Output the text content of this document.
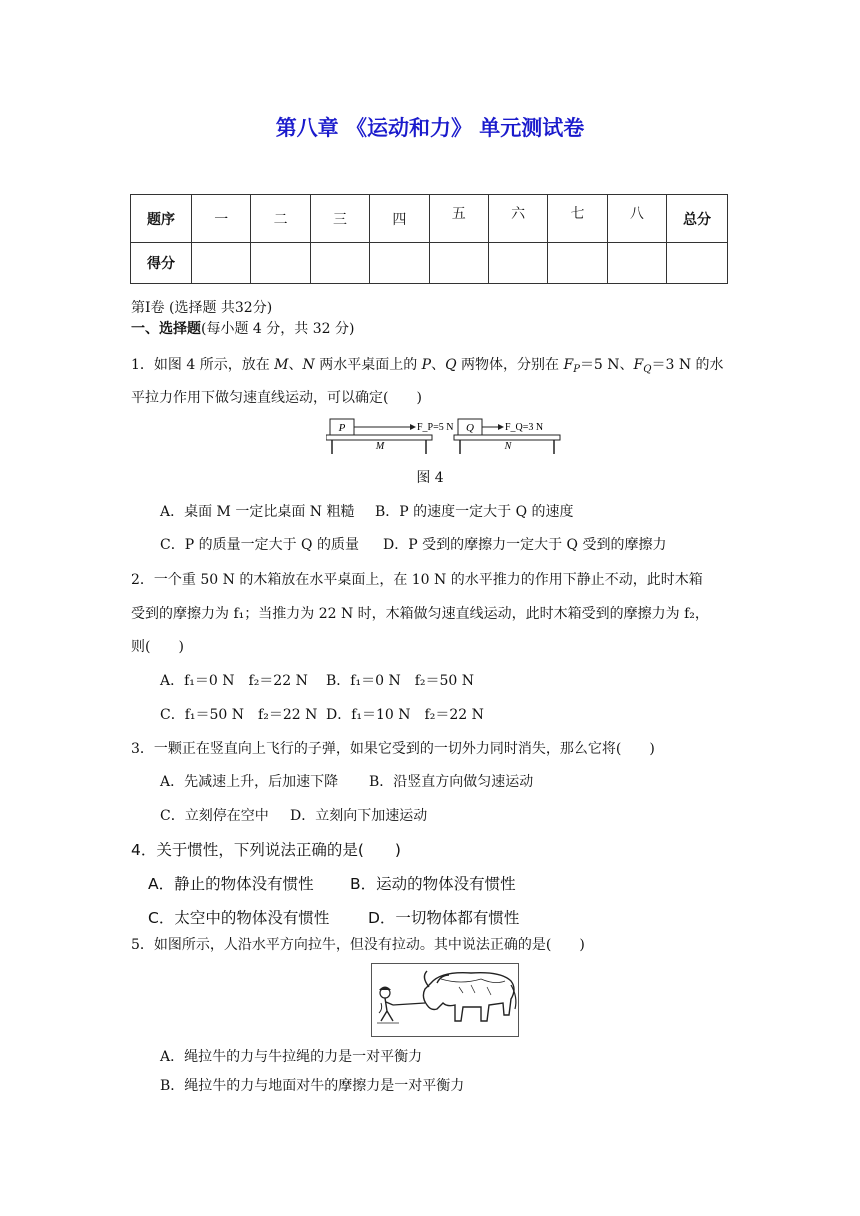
第八章 《运动和力》 单元测试卷
题序	一	二	三	四	五	六	七	八	总分
得分									
第Ⅰ卷 (选择题 共32分)
一、选择题(每小题 4 分，共 32 分)
1．如图 4 所示，放在 M、N 两水平桌面上的 P、Q 两物体，分别在 $F_P=5$ N、$F_Q=3$ N 的水
平拉力作用下做匀速直线运动，可以确定(　　)
P	F_P=5 N
M
Q	F_Q=3 N
N
图 4
A．桌面 M 一定比桌面 N 粗糙 B．P 的速度一定大于 Q 的速度
C．P 的质量一定大于 Q 的质量 D．P 受到的摩擦力一定大于 Q 受到的摩擦力
2．一个重 50 N 的木箱放在水平桌面上，在 10 N 的水平推力的作用下静止不动，此时木箱
受到的摩擦力为 f₁；当推力为 22 N 时，木箱做匀速直线运动，此时木箱受到的摩擦力为 f₂，
则(　　)
A．f₁＝0 N　f₂＝22 N B．f₁＝0 N　f₂＝50 N
C．f₁＝50 N　f₂＝22 N D．f₁＝10 N　f₂＝22 N
3．一颗正在竖直向上飞行的子弹，如果它受到的一切外力同时消失，那么它将(　　)
A．先减速上升，后加速下降 B．沿竖直方向做匀速运动
C．立刻停在空中 D．立刻向下加速运动
4．关于惯性，下列说法正确的是(　　)
A．静止的物体没有惯性 B．运动的物体没有惯性
C．太空中的物体没有惯性 D．一切物体都有惯性
5．如图所示，人沿水平方向拉牛，但没有拉动。其中说法正确的是(　　)
A．绳拉牛的力与牛拉绳的力是一对平衡力
B．绳拉牛的力与地面对牛的摩擦力是一对平衡力
